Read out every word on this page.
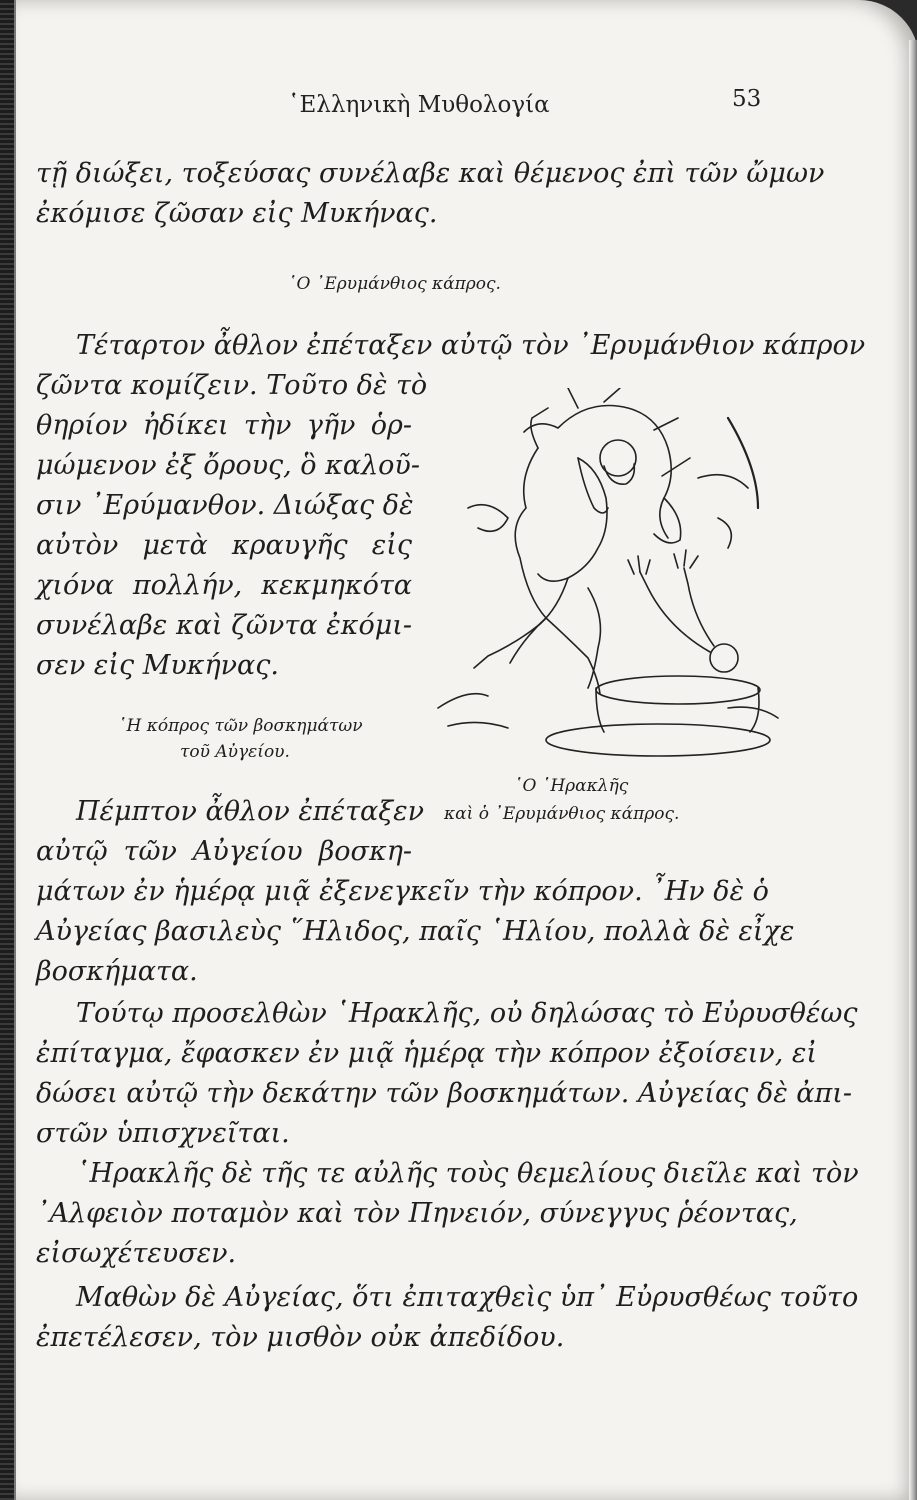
῾Ελληνικὴ Μυθολογία	53
τῇ διώξει, τοξεύσας συνέλαβε καὶ θέμενος ἐπὶ τῶν ὤμων
ἐκόμισε ζῶσαν εἰς Μυκήνας.
῾Ο ᾿Ερυμάνθιος κάπρος.
Τέταρτον ἆθλον ἐπέταξεν αὐτῷ τὸν ᾿Ερυμάνθιον κάπρον
ζῶντα κομίζειν. Τοῦτο δὲ τὸ
θηρίον ἠδίκει τὴν γῆν ὁρ-
μώμενον ἐξ ὄρους, ὃ καλοῦ-
σιν ᾿Ερύμανθον. Διώξας δὲ
αὐτὸν μετὰ κραυγῆς εἰς
χιόνα πολλήν, κεκμηκότα
συνέλαβε καὶ ζῶντα ἐκόμι-
σεν εἰς Μυκήνας.
῾Η κόπρος τῶν βοσκημάτων
τοῦ Αὐγείου.
῾Ο ῾Ηρακλῆς
καὶ ὁ ᾿Ερυμάνθιος κάπρος.
Πέμπτον ἆθλον ἐπέταξεν
αὐτῷ τῶν Αὐγείου βοσκη-
μάτων ἐν ἡμέρᾳ μιᾷ ἐξενεγκεῖν τὴν κόπρον. ῏Ην δὲ ὁ
Αὐγείας βασιλεὺς ῞Ηλιδος, παῖς ῾Ηλίου, πολλὰ δὲ εἶχε
βοσκήματα.
Τούτῳ προσελθὼν ῾Ηρακλῆς, οὐ δηλώσας τὸ Εὐρυσθέως
ἐπίταγμα, ἔφασκεν ἐν μιᾷ ἡμέρᾳ τὴν κόπρον ἐξοίσειν, εἰ
δώσει αὐτῷ τὴν δεκάτην τῶν βοσκημάτων. Αὐγείας δὲ ἀπι-
στῶν ὑπισχνεῖται.
῾Ηρακλῆς δὲ τῆς τε αὐλῆς τοὺς θεμελίους διεῖλε καὶ τὸν
᾿Αλφειὸν ποταμὸν καὶ τὸν Πηνειόν, σύνεγγυς ῥέοντας,
εἰσωχέτευσεν.
Μαθὼν δὲ Αὐγείας, ὅτι ἐπιταχθεὶς ὑπ᾿ Εὐρυσθέως τοῦτο
ἐπετέλεσεν, τὸν μισθὸν οὐκ ἀπεδίδου.
